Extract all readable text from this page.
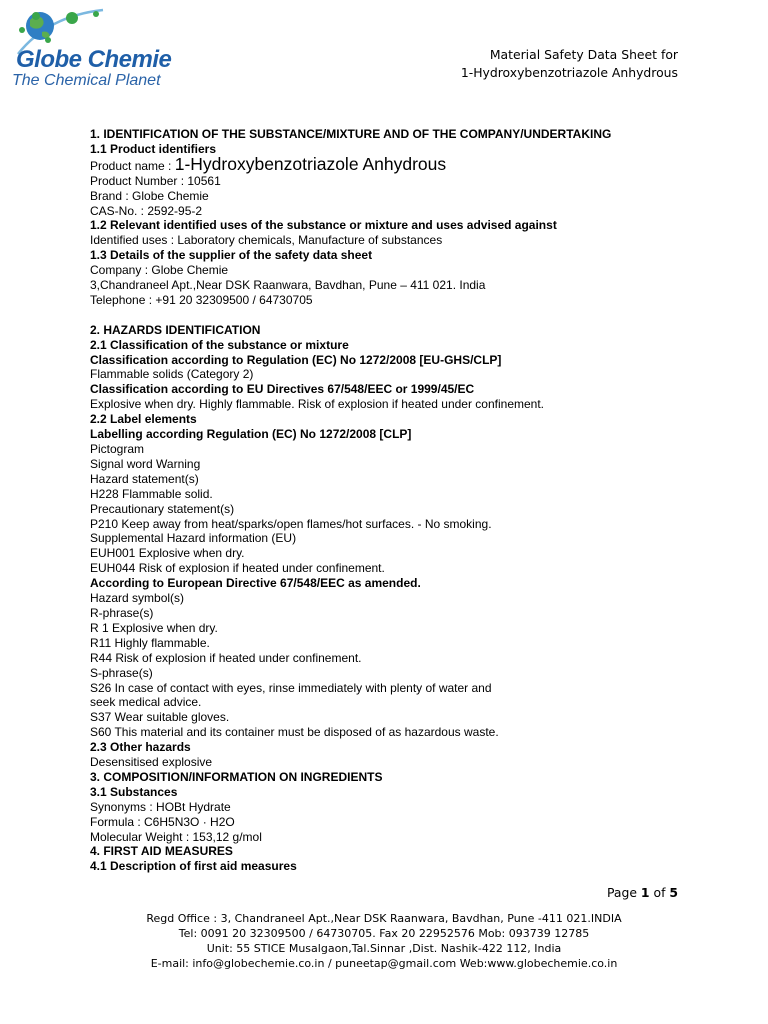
Globe Chemie
The Chemical Planet
Material Safety Data Sheet for
1-Hydroxybenzotriazole Anhydrous
1. IDENTIFICATION OF THE SUBSTANCE/MIXTURE AND OF THE COMPANY/UNDERTAKING
1.1 Product identifiers
Product name : 1-Hydroxybenzotriazole Anhydrous
Product Number : 10561
Brand : Globe Chemie
CAS-No. : 2592-95-2
1.2 Relevant identified uses of the substance or mixture and uses advised against
Identified uses : Laboratory chemicals, Manufacture of substances
1.3 Details of the supplier of the safety data sheet
Company : Globe Chemie
3,Chandraneel Apt.,Near DSK Raanwara, Bavdhan, Pune – 411 021. India
Telephone : +91 20 32309500 / 64730705
2. HAZARDS IDENTIFICATION
2.1 Classification of the substance or mixture
Classification according to Regulation (EC) No 1272/2008 [EU-GHS/CLP]
Flammable solids (Category 2)
Classification according to EU Directives 67/548/EEC or 1999/45/EC
Explosive when dry. Highly flammable. Risk of explosion if heated under confinement.
2.2 Label elements
Labelling according Regulation (EC) No 1272/2008 [CLP]
Pictogram
Signal word Warning
Hazard statement(s)
H228 Flammable solid.
Precautionary statement(s)
P210 Keep away from heat/sparks/open flames/hot surfaces. - No smoking.
Supplemental Hazard information (EU)
EUH001 Explosive when dry.
EUH044 Risk of explosion if heated under confinement.
According to European Directive 67/548/EEC as amended.
Hazard symbol(s)
R-phrase(s)
R 1 Explosive when dry.
R11 Highly flammable.
R44 Risk of explosion if heated under confinement.
S-phrase(s)
S26 In case of contact with eyes, rinse immediately with plenty of water and
seek medical advice.
S37 Wear suitable gloves.
S60 This material and its container must be disposed of as hazardous waste.
2.3 Other hazards
Desensitised explosive
3. COMPOSITION/INFORMATION ON INGREDIENTS
3.1 Substances
Synonyms : HOBt Hydrate
Formula : C6H5N3O · H2O
Molecular Weight : 153,12 g/mol
4. FIRST AID MEASURES
4.1 Description of first aid measures
Page 1 of 5
Regd Office : 3, Chandraneel Apt.,Near DSK Raanwara, Bavdhan, Pune -411 021.INDIA
Tel: 0091 20 32309500 / 64730705. Fax 20 22952576 Mob: 093739 12785
Unit: 55 STICE Musalgaon,Tal.Sinnar ,Dist. Nashik-422 112, India
E-mail: info@globechemie.co.in / puneetap@gmail.com Web:www.globechemie.co.in
